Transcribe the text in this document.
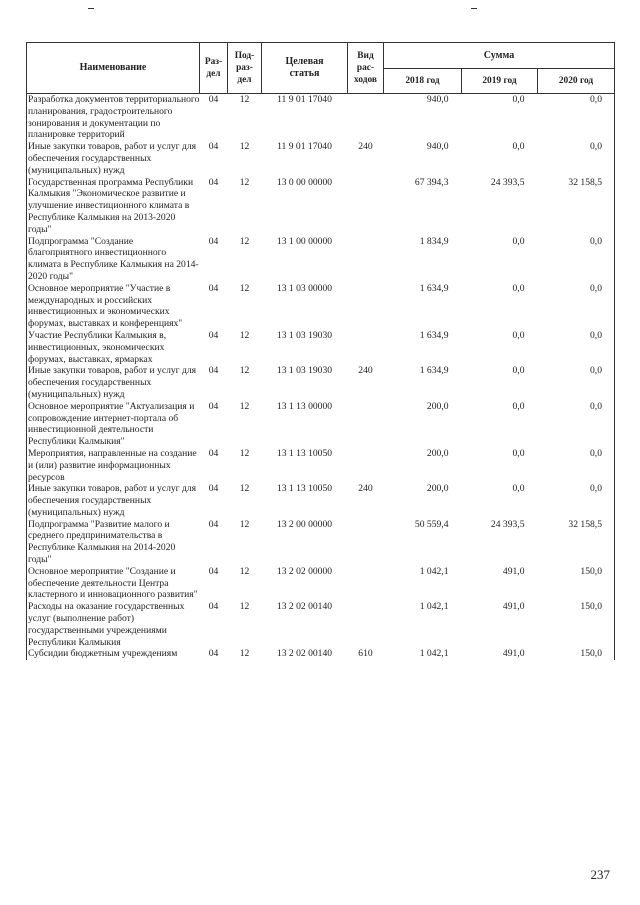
Наименование	Раз-дел	Под-раз-дел	Целевая статья	Вид рас-ходов	Сумма		
					2018 год	2019 год	2020 год
Разработка документов территориального планирования, градостроительного зонирования и документации по планировке территорий	04	12	11 9 01 17040		940,0	0,0	0,0
Иные закупки товаров, работ и услуг для обеспечения государственных (муниципальных) нужд	04	12	11 9 01 17040	240	940,0	0,0	0,0
Государственная программа Республики Калмыкия "Экономическое развитие и улучшение инвестиционного климата в Республике Калмыкия на 2013-2020 годы"	04	12	13 0 00 00000		67 394,3	24 393,5	32 158,5
Подпрограмма "Создание благоприятного инвестиционного климата в Республике Калмыкия на 2014-2020 годы"	04	12	13 1 00 00000		1 834,9	0,0	0,0
Основное мероприятие "Участие в международных и российских инвестиционных и экономических форумах, выставках и конференциях"	04	12	13 1 03 00000		1 634,9	0,0	0,0
Участие Республики Калмыкия в, инвестиционных, экономических форумах, выставках, ярмарках	04	12	13 1 03 19030		1 634,9	0,0	0,0
Иные закупки товаров, работ и услуг для обеспечения государственных (муниципальных) нужд	04	12	13 1 03 19030	240	1 634,9	0,0	0,0
Основное мероприятие "Актуализация и сопровождение интернет-портала об инвестиционной деятельности Республики Калмыкия"	04	12	13 1 13 00000		200,0	0,0	0,0
Мероприятия, направленные на создание и (или) развитие информационных ресурсов	04	12	13 1 13 10050		200,0	0,0	0,0
Иные закупки товаров, работ и услуг для обеспечения государственных (муниципальных) нужд	04	12	13 1 13 10050	240	200,0	0,0	0,0
Подпрограмма "Развитие малого и среднего предпринимательства в Республике Калмыкия на 2014-2020 годы"	04	12	13 2 00 00000		50 559,4	24 393,5	32 158,5
Основное мероприятие "Создание и обеспечение деятельности Центра кластерного и инновационного развития"	04	12	13 2 02 00000		1 042,1	491,0	150,0
Расходы на оказание государственных услуг (выполнение работ) государственными учреждениями Республики Калмыкия	04	12	13 2 02 00140		1 042,1	491,0	150,0
Субсидии бюджетным учреждениям	04	12	13 2 02 00140	610	1 042,1	491,0	150,0
237
